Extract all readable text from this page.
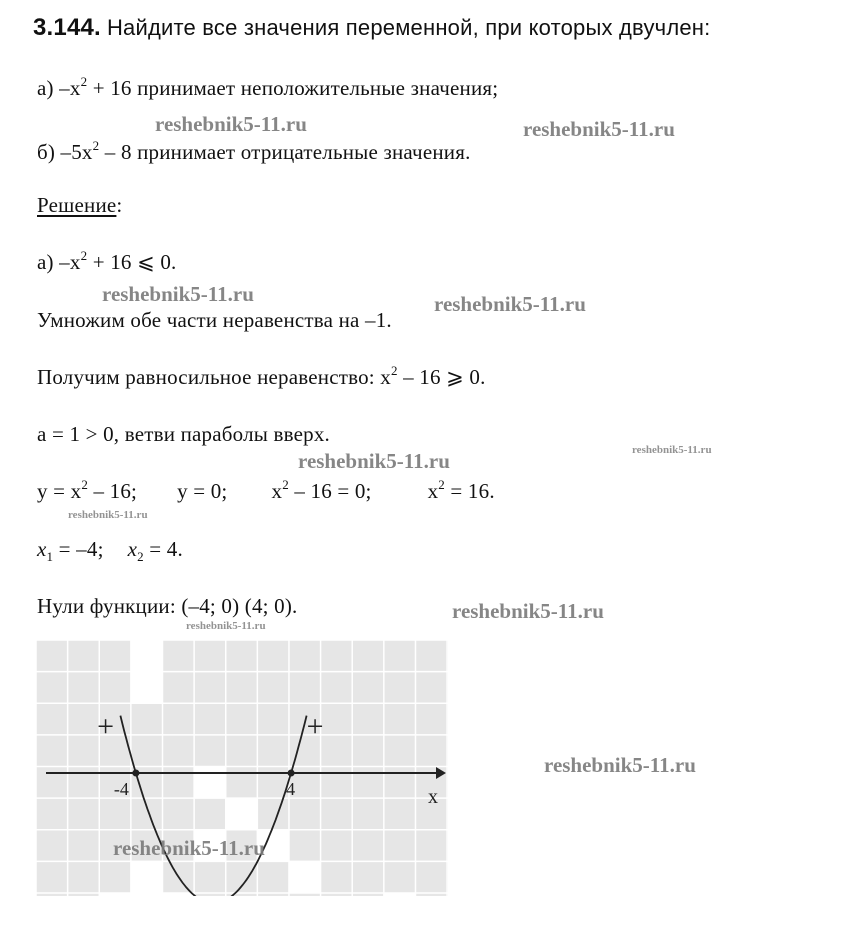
3.144. Найдите все значения переменной, при которых двучлен:
а) $-x^2 + 16$ принимает неположительные значения;
б) $-5x^2 - 8$ принимает отрицательные значения.
Решение:
а) $-x^2 + 16$ ⩽ 0.
Умножим обе части неравенства на –1.
Получим равносильное неравенство: $x^2 - 16$ ⩾ 0.
a = 1 > 0, ветви параболы вверх.
$y = x^2 - 16$; y = 0; $x^2 - 16 = 0$;	$x^2 = 16$.
$x_1 = -4$; $x_2 = 4$.
Нули функции: (–4; 0) (4; 0).
-4	4
+	+
x
reshebnik5-11.ru	reshebnik5-11.ru
reshebnik5-11.ru	reshebnik5-11.ru
reshebnik5-11.ru
reshebnik5-11.ru
reshebnik5-11.ru
reshebnik5-11.ru
reshebnik5-11.ru
reshebnik5-11.ru
reshebnik5-11.ru
